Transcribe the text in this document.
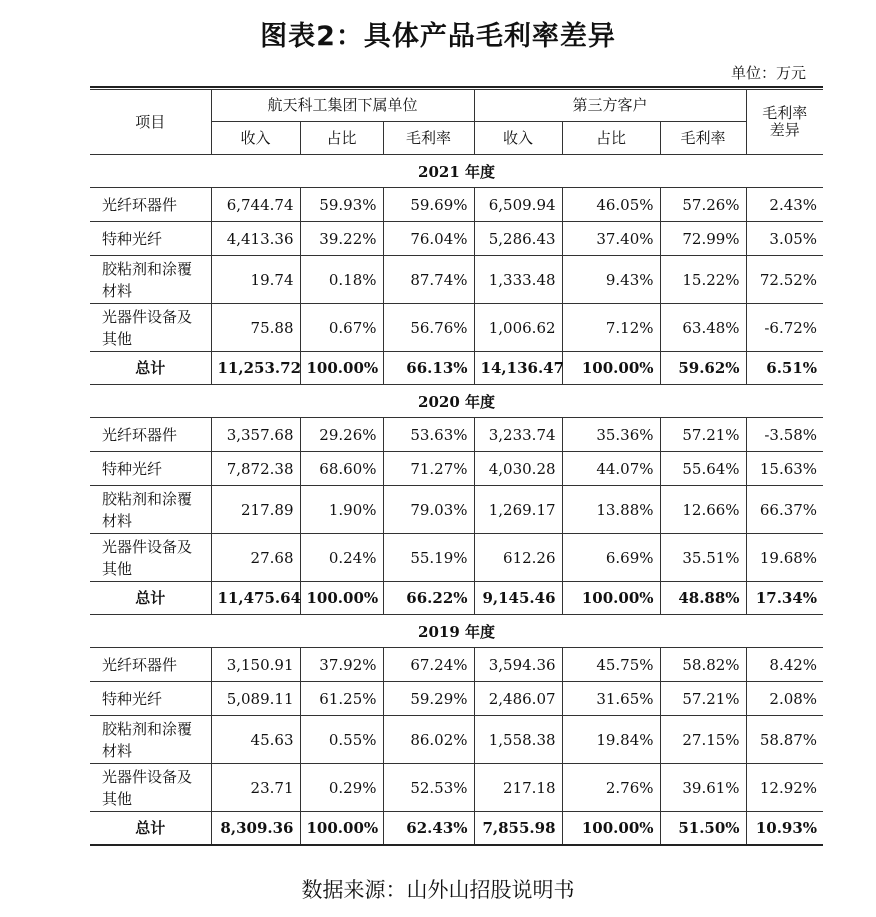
图表2：具体产品毛利率差异
单位：万元
项目	航天科工集团下属单位			第三方客户			毛利率
差异
	收入	占比	毛利率	收入	占比	毛利率	
2021 年度							
光纤环器件	6,744.74	59.93%	59.69%	6,509.94	46.05%	57.26%	2.43%
特种光纤	4,413.36	39.22%	76.04%	5,286.43	37.40%	72.99%	3.05%
胶粘剂和涂覆材料	19.74	0.18%	87.74%	1,333.48	9.43%	15.22%	72.52%
光器件设备及其他	75.88	0.67%	56.76%	1,006.62	7.12%	63.48%	-6.72%
总计	11,253.72	100.00%	66.13%	14,136.47	100.00%	59.62%	6.51%
2020 年度							
光纤环器件	3,357.68	29.26%	53.63%	3,233.74	35.36%	57.21%	-3.58%
特种光纤	7,872.38	68.60%	71.27%	4,030.28	44.07%	55.64%	15.63%
胶粘剂和涂覆材料	217.89	1.90%	79.03%	1,269.17	13.88%	12.66%	66.37%
光器件设备及其他	27.68	0.24%	55.19%	612.26	6.69%	35.51%	19.68%
总计	11,475.64	100.00%	66.22%	9,145.46	100.00%	48.88%	17.34%
2019 年度							
光纤环器件	3,150.91	37.92%	67.24%	3,594.36	45.75%	58.82%	8.42%
特种光纤	5,089.11	61.25%	59.29%	2,486.07	31.65%	57.21%	2.08%
胶粘剂和涂覆材料	45.63	0.55%	86.02%	1,558.38	19.84%	27.15%	58.87%
光器件设备及其他	23.71	0.29%	52.53%	217.18	2.76%	39.61%	12.92%
总计	8,309.36	100.00%	62.43%	7,855.98	100.00%	51.50%	10.93%
数据来源：山外山招股说明书
